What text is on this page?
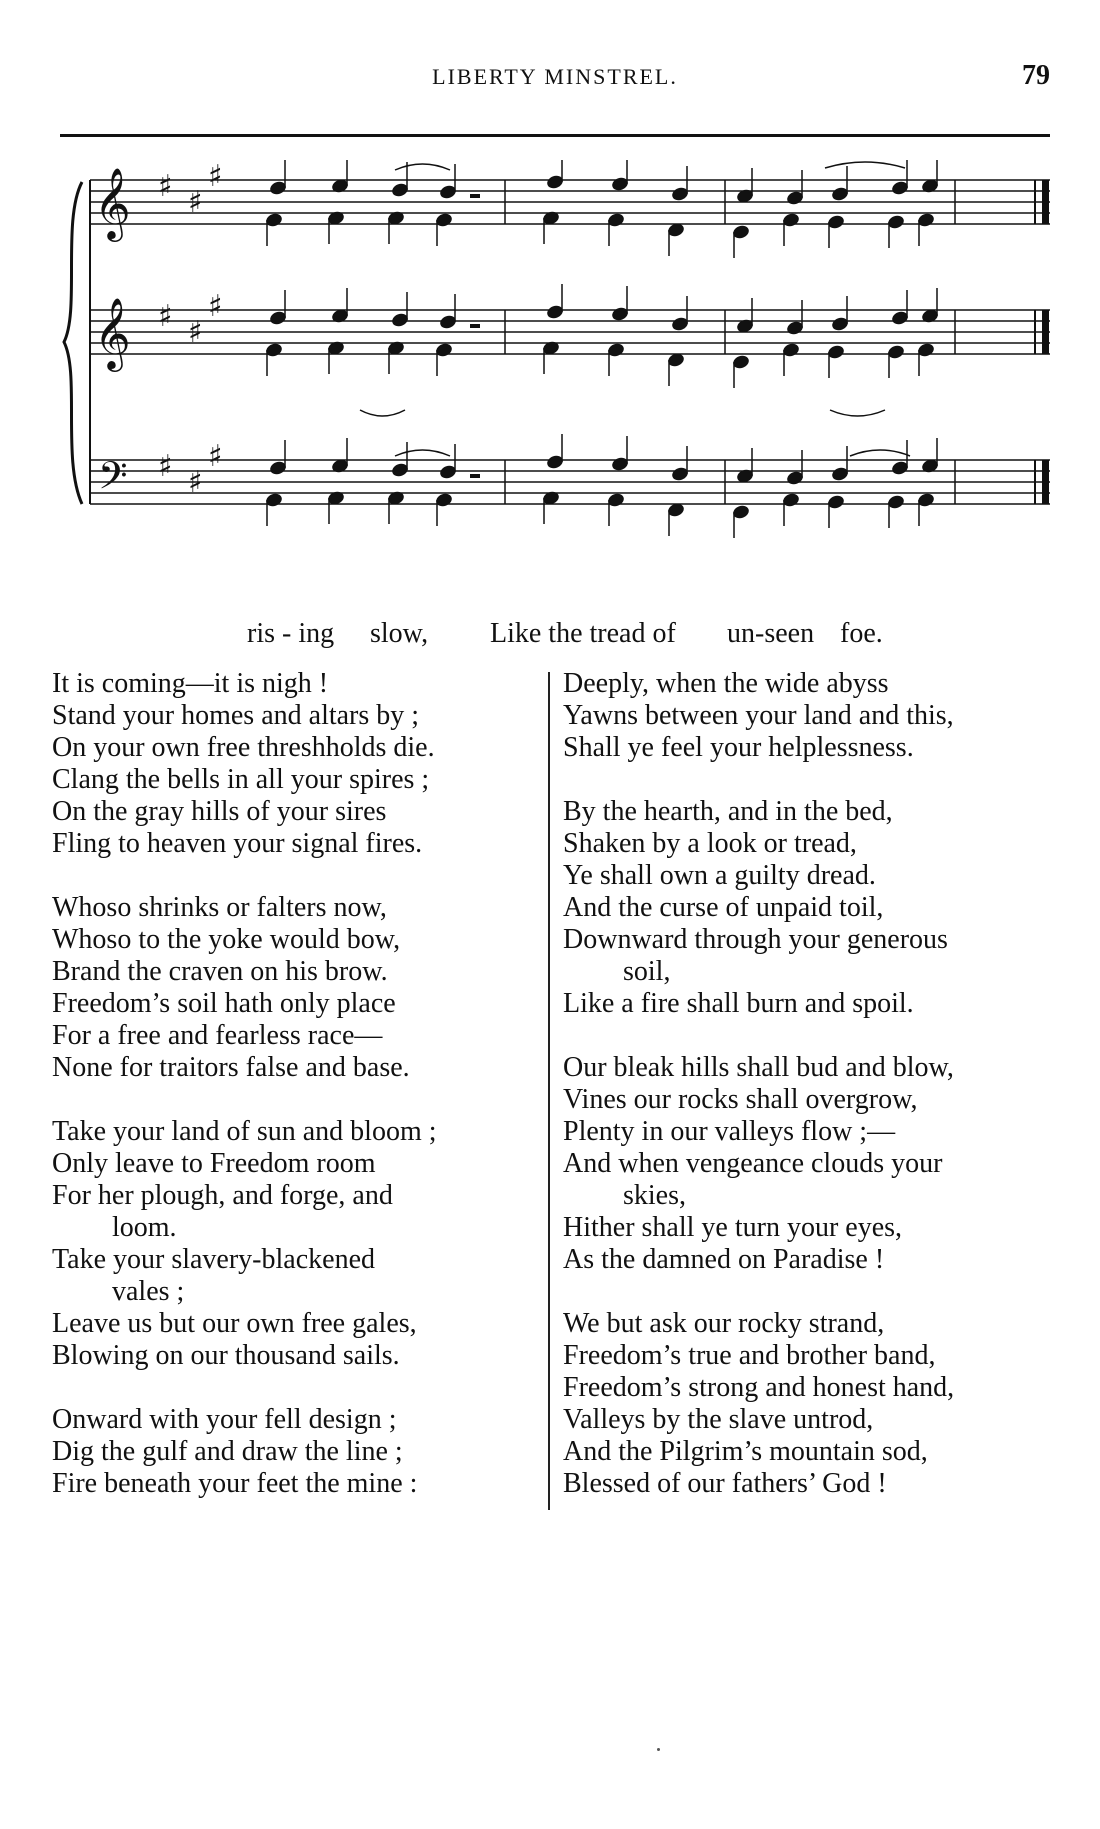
LIBERTY MINSTREL.	79
𝄞
𝄞
𝄢
♯ ♯
♯
♯ ♯
♯
♯ ♯
♯
ris - ing slow, Like the tread of un-seen foe.
It is coming—it is nigh !
Stand your homes and altars by ;
On your own free threshholds die.
Clang the bells in all your spires ;
On the gray hills of your sires
Fling to heaven your signal fires.
Whoso shrinks or falters now,
Whoso to the yoke would bow,
Brand the craven on his brow.
Freedom’s soil hath only place
For a free and fearless race—
None for traitors false and base.
Take your land of sun and bloom ;
Only leave to Freedom room
For her plough, and forge, and
loom.
Take your slavery-blackened
vales ;
Leave us but our own free gales,
Blowing on our thousand sails.
Onward with your fell design ;
Dig the gulf and draw the line ;
Fire beneath your feet the mine :
Deeply, when the wide abyss
Yawns between your land and this,
Shall ye feel your helplessness.
By the hearth, and in the bed,
Shaken by a look or tread,
Ye shall own a guilty dread.
And the curse of unpaid toil,
Downward through your generous
soil,
Like a fire shall burn and spoil.
Our bleak hills shall bud and blow,
Vines our rocks shall overgrow,
Plenty in our valleys flow ;—
And when vengeance clouds your
skies,
Hither shall ye turn your eyes,
As the damned on Paradise !
We but ask our rocky strand,
Freedom’s true and brother band,
Freedom’s strong and honest hand,
Valleys by the slave untrod,
And the Pilgrim’s mountain sod,
Blessed of our fathers’ God !
